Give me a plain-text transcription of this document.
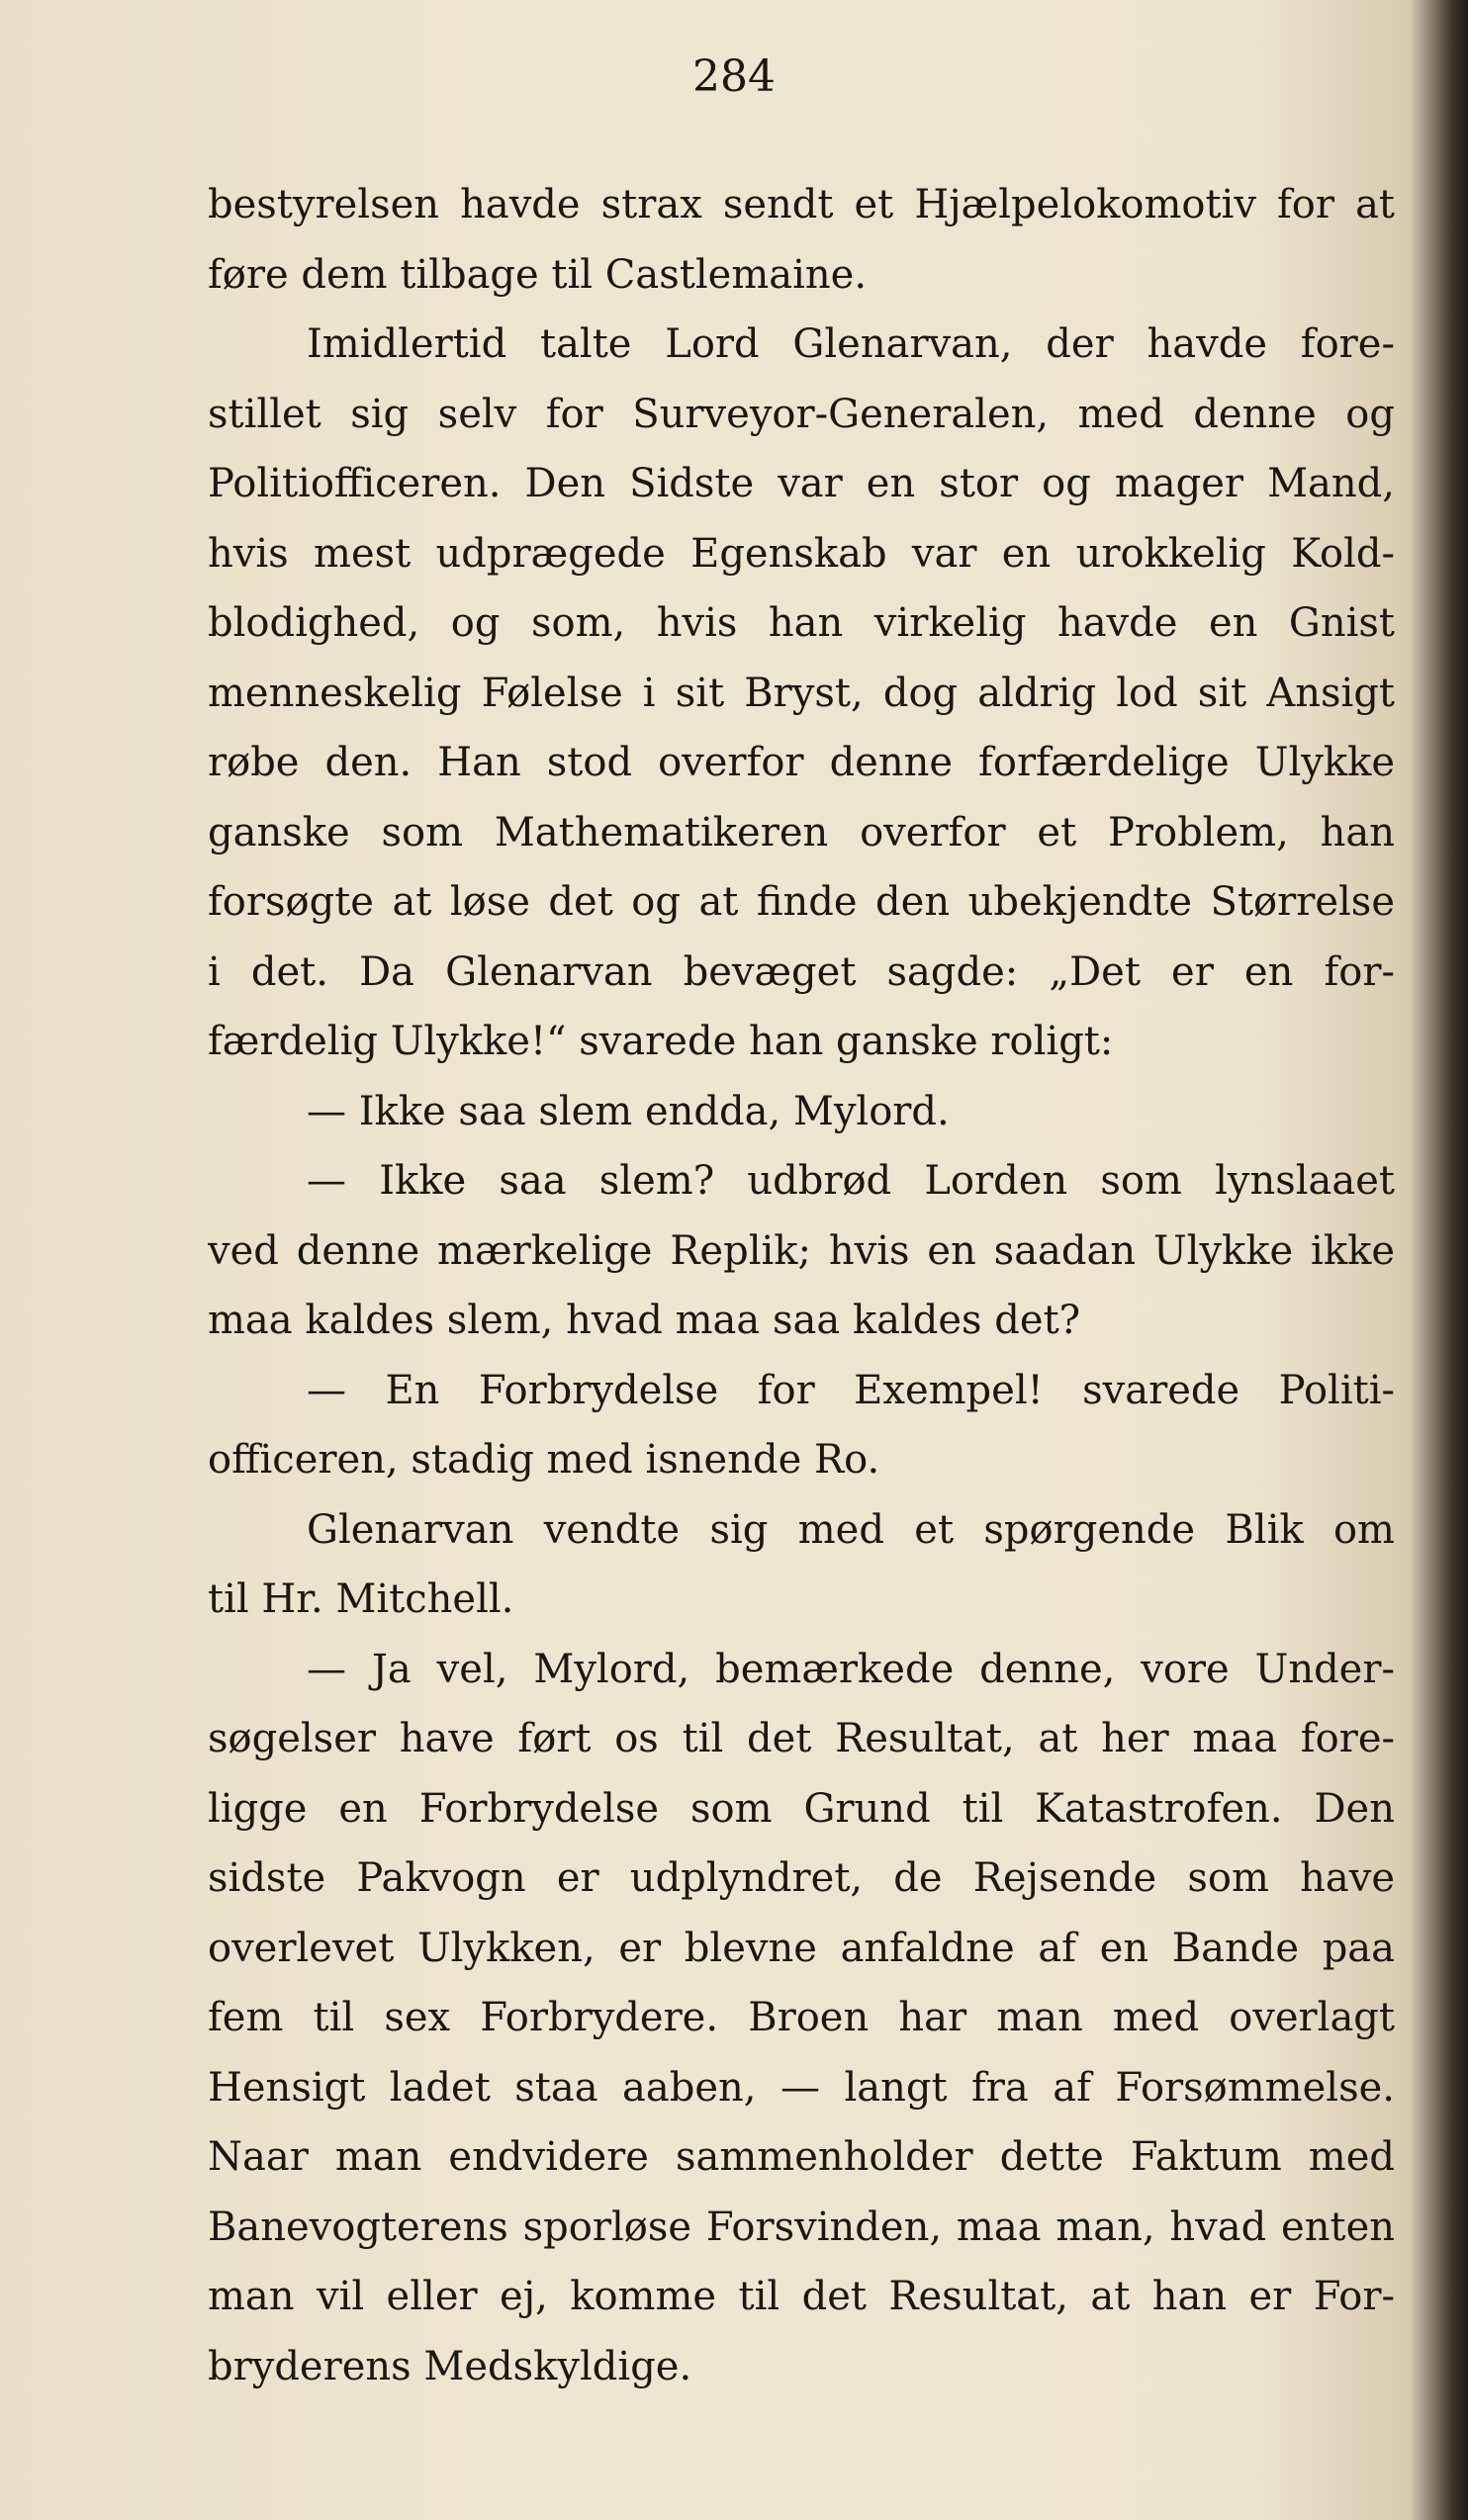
284
bestyrelsen havde strax sendt et Hjælpelokomotiv for at
føre dem tilbage til Castlemaine.
Imidlertid talte Lord Glenarvan, der havde fore-
stillet sig selv for Surveyor-Generalen, med denne og
Politiofficeren. Den Sidste var en stor og mager Mand,
hvis mest udprægede Egenskab var en urokkelig Kold-
blodighed, og som, hvis han virkelig havde en Gnist
menneskelig Følelse i sit Bryst, dog aldrig lod sit Ansigt
røbe den. Han stod overfor denne forfærdelige Ulykke
ganske som Mathematikeren overfor et Problem, han
forsøgte at løse det og at finde den ubekjendte Størrelse
i det. Da Glenarvan bevæget sagde: „Det er en for-
færdelig Ulykke!“ svarede han ganske roligt:
— Ikke saa slem endda, Mylord.
— Ikke saa slem? udbrød Lorden som lynslaaet
ved denne mærkelige Replik; hvis en saadan Ulykke ikke
maa kaldes slem, hvad maa saa kaldes det?
— En Forbrydelse for Exempel! svarede Politi-
officeren, stadig med isnende Ro.
Glenarvan vendte sig med et spørgende Blik om
til Hr. Mitchell.
— Ja vel, Mylord, bemærkede denne, vore Under-
søgelser have ført os til det Resultat, at her maa fore-
ligge en Forbrydelse som Grund til Katastrofen. Den
sidste Pakvogn er udplyndret, de Rejsende som have
overlevet Ulykken, er blevne anfaldne af en Bande paa
fem til sex Forbrydere. Broen har man med overlagt
Hensigt ladet staa aaben, — langt fra af Forsømmelse.
Naar man endvidere sammenholder dette Faktum med
Banevogterens sporløse Forsvinden, maa man, hvad enten
man vil eller ej, komme til det Resultat, at han er For-
bryderens Medskyldige.
